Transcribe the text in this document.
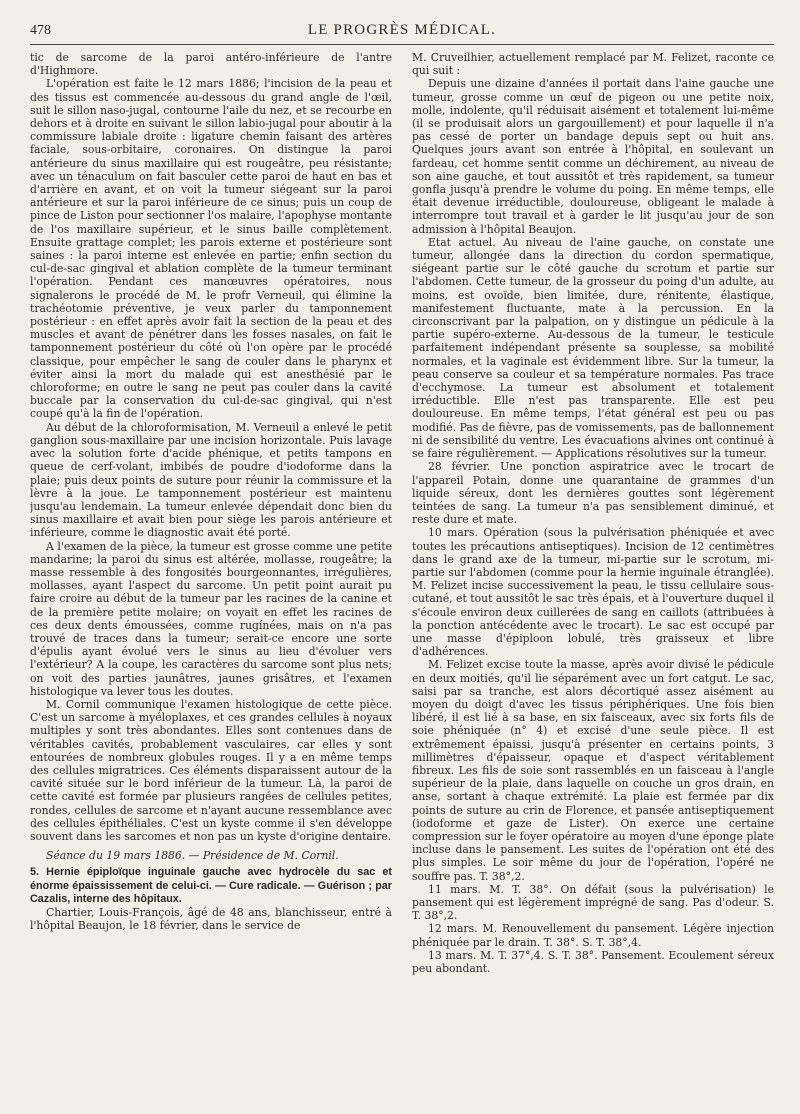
478	LE PROGRÈS MÉDICAL.

tic de sarcome de la paroi antéro-inférieure de l'antre d'Highmore.

L'opération est faite le 12 mars 1886; l'incision de la peau et des tissus est commencée au-dessous du grand angle de l'œil, suit le sillon naso-jugal, contourne l'aile du nez, et se recourbe en dehors et à droite en suivant le sillon labio-jugal pour aboutir à la commissure labiale droite : ligature chemin faisant des artères faciale, sous-orbitaire, coronaires. On distingue la paroi antérieure du sinus maxillaire qui est rougeâtre, peu résistante; avec un ténaculum on fait basculer cette paroi de haut en bas et d'arrière en avant, et on voit la tumeur siégeant sur la paroi antérieure et sur la paroi inférieure de ce sinus; puis un coup de pince de Liston pour sectionner l'os malaire, l'apophyse montante de l'os maxillaire supérieur, et le sinus baille complètement. Ensuite grattage complet; les parois externe et postérieure sont saines : la paroi interne est enlevée en partie; enfin section du cul-de-sac gingival et ablation complète de la tumeur terminant l'opération. Pendant ces manœuvres opératoires, nous signalerons le procédé de M. le profr Verneuil, qui élimine la trachéotomie préventive, je veux parler du tamponnement postérieur : en effet après avoir fait la section de la peau et des muscles et avant de pénétrer dans les fosses nasales, on fait le tamponnement postérieur du côté où l'on opère par le procédé classique, pour empêcher le sang de couler dans le pharynx et éviter ainsi la mort du malade qui est anesthésié par le chloroforme; en outre le sang ne peut pas couler dans la cavité buccale par la conservation du cul-de-sac gingival, qui n'est coupé qu'à la fin de l'opération.

Au début de la chloroformisation, M. Verneuil a enlevé le petit ganglion sous-maxillaire par une incision horizontale. Puis lavage avec la solution forte d'acide phénique, et petits tampons en queue de cerf-volant, imbibés de poudre d'iodoforme dans la plaie; puis deux points de suture pour réunir la commissure et la lèvre à la joue. Le tamponnement postérieur est maintenu jusqu'au lendemain. La tumeur enlevée dépendait donc bien du sinus maxillaire et avait bien pour siège les parois antérieure et inférieure, comme le diagnostic avait été porté.

A l'examen de la pièce, la tumeur est grosse comme une petite mandarine; la paroi du sinus est altérée, mollasse, rougeâtre; la masse ressemble à des fongosités bourgeonnantes, irrégulières, mollasses, ayant l'aspect du sarcome. Un petit point aurait pu faire croire au début de la tumeur par les racines de la canine et de la première petite molaire; on voyait en effet les racines de ces deux dents émoussées, comme rugínées, mais on n'a pas trouvé de traces dans la tumeur; serait-ce encore une sorte d'épulis ayant évolué vers le sinus au lieu d'évoluer vers l'extérieur? A la coupe, les caractères du sarcome sont plus nets; on voit des parties jaunâtres, jaunes grisâtres, et l'examen histologique va lever tous les doutes.

M. Cornil communique l'examen histologique de cette pièce. C'est un sarcome à myéloplaxes, et ces grandes cellules à noyaux multiples y sont très abondantes. Elles sont contenues dans de véritables cavités, probablement vasculaires, car elles y sont entourées de nombreux globules rouges. Il y a en même temps des cellules migratrices. Ces éléments disparaissent autour de la cavité située sur le bord inférieur de la tumeur. Là, la paroi de cette cavité est formée par plusieurs rangées de cellules petites, rondes, cellules de sarcome et n'ayant aucune ressemblance avec des cellules épithéliales. C'est un kyste comme il s'en développe souvent dans les sarcomes et non pas un kyste d'origine dentaire.

Séance du 19 mars 1886. — Présidence de M. Cornil.

5. Hernie épiploïque inguinale gauche avec hydrocèle du sac et énorme épaississement de celui-ci. — Cure radicale. — Guérison ; par Cazalis, interne des hôpitaux.

Chartier, Louis-François, âgé de 48 ans, blanchisseur, entré à l'hôpital Beaujon, le 18 février, dans le service de

M. Cruveilhier, actuellement remplacé par M. Felizet, raconte ce qui suit :

Depuis une dizaine d'années il portait dans l'aine gauche une tumeur, grosse comme un œuf de pigeon ou une petite noix, molle, indolente, qu'il réduisait aisément et totalement lui-même (il se produisait alors un gargouillement) et pour laquelle il n'a pas cessé de porter un bandage depuis sept ou huit ans. Quelques jours avant son entrée à l'hôpital, en soulevant un fardeau, cet homme sentit comme un déchirement, au niveau de son aine gauche, et tout aussitôt et très rapidement, sa tumeur gonfla jusqu'à prendre le volume du poing. En même temps, elle était devenue irréductible, douloureuse, obligeant le malade à interrompre tout travail et à garder le lit jusqu'au jour de son admission à l'hôpital Beaujon.

Etat actuel. Au niveau de l'aine gauche, on constate une tumeur, allongée dans la direction du cordon spermatique, siégeant partie sur le côté gauche du scrotum et partie sur l'abdomen. Cette tumeur, de la grosseur du poing d'un adulte, au moins, est ovoïde, bien limitée, dure, rénitente, élastique, manifestement fluctuante, mate à la percussion. En la circonscrivant par la palpation, on y distingue un pédicule à la partie supéro-externe. Au-dessous de la tumeur, le testicule parfaitement indépendant présente sa souplesse, sa mobilité normales, et la vaginale est évidemment libre. Sur la tumeur, la peau conserve sa couleur et sa température normales. Pas trace d'ecchymose. La tumeur est absolument et totalement irréductible. Elle n'est pas transparente. Elle est peu douloureuse. En même temps, l'état général est peu ou pas modifié. Pas de fièvre, pas de vomissements, pas de ballonnement ni de sensibilité du ventre. Les évacuations alvines ont continué à se faire régulièrement. — Applications résolutives sur la tumeur.

28 février. Une ponction aspiratrice avec le trocart de l'appareil Potain, donne une quarantaine de grammes d'un liquide séreux, dont les dernières gouttes sont légèrement teintées de sang. La tumeur n'a pas sensiblement diminué, et reste dure et mate.

10 mars. Opération (sous la pulvérisation phéniquée et avec toutes les précautions antiseptiques). Incision de 12 centimètres dans le grand axe de la tumeur, mi-partie sur le scrotum, mi-partie sur l'abdomen (comme pour la hernie inguinale étranglée). M. Felizet incise successivement la peau, le tissu cellulaire sous-cutané, et tout aussitôt le sac très épais, et à l'ouverture duquel il s'écoule environ deux cuillerées de sang en caillots (attribuées à la ponction antécédente avec le trocart). Le sac est occupé par une masse d'épiploon lobulé, très graisseux et libre d'adhérences.

M. Felizet excise toute la masse, après avoir divisé le pédicule en deux moitiés, qu'il lie séparément avec un fort catgut. Le sac, saisi par sa tranche, est alors décortiqué assez aisément au moyen du doigt d'avec les tissus périphériques. Une fois bien libéré, il est lié à sa base, en six faisceaux, avec six forts fils de soie phéniquée (n° 4) et excisé d'une seule pièce. Il est extrêmement épaissi, jusqu'à présenter en certains points, 3 millimètres d'épaisseur, opaque et d'aspect véritablement fibreux. Les fils de soie sont rassemblés en un faisceau à l'angle supérieur de la plaie, dans laquelle on couche un gros drain, en anse, sortant à chaque extrémité. La plaie est fermée par dix points de suture au crin de Florence, et pansée antiseptiquement (iodoforme et gaze de Lister). On exerce une certaine compression sur le foyer opératoire au moyen d'une éponge plate incluse dans le pansement. Les suites de l'opération ont été des plus simples. Le soir même du jour de l'opération, l'opéré ne souffre pas. T. 38°,2.

11 mars. M. T. 38°. On défait (sous la pulvérisation) le pansement qui est légèrement imprégné de sang. Pas d'odeur. S. T. 38°,2.

12 mars. M. Renouvellement du pansement. Légère injection phéniquée par le drain. T. 38°. S. T. 38°,4.

13 mars. M. T. 37°,4. S. T. 38°. Pansement. Ecoulement séreux peu abondant.
